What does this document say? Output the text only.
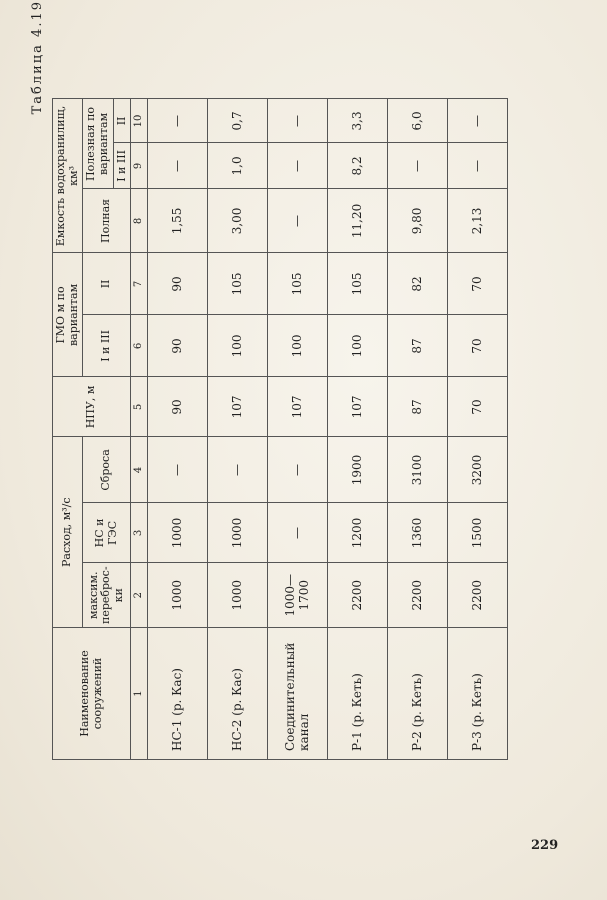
Таблица 4.19
Наименование сооружений	Расход, м³/с			НПУ, м	ГМО м по вариантам		Емкость водохранилищ, км³		
	максим. переброс- ки	НС и ГЭС	Сброса		I и III	II	Полная	Полезная по вариантам	
								I и III	II
1	2	3	4	5	6	7	8	9	10
НС-1 (р. Кас)	1000	1000	—	90	90	90	1,55	—	—
НС-2 (р. Кас)	1000	1000	—	107	100	105	3,00	1,0	0,7
Соединительный канал	1000— 1700	—	—	107	100	105	—	—	—
Р-1 (р. Кеть)	2200	1200	1900	107	100	105	11,20	8,2	3,3
Р-2 (р. Кеть)	2200	1360	3100	87	87	82	9,80	—	6,0
Р-3 (р. Кеть)	2200	1500	3200	70	70	70	2,13	—	—
229
